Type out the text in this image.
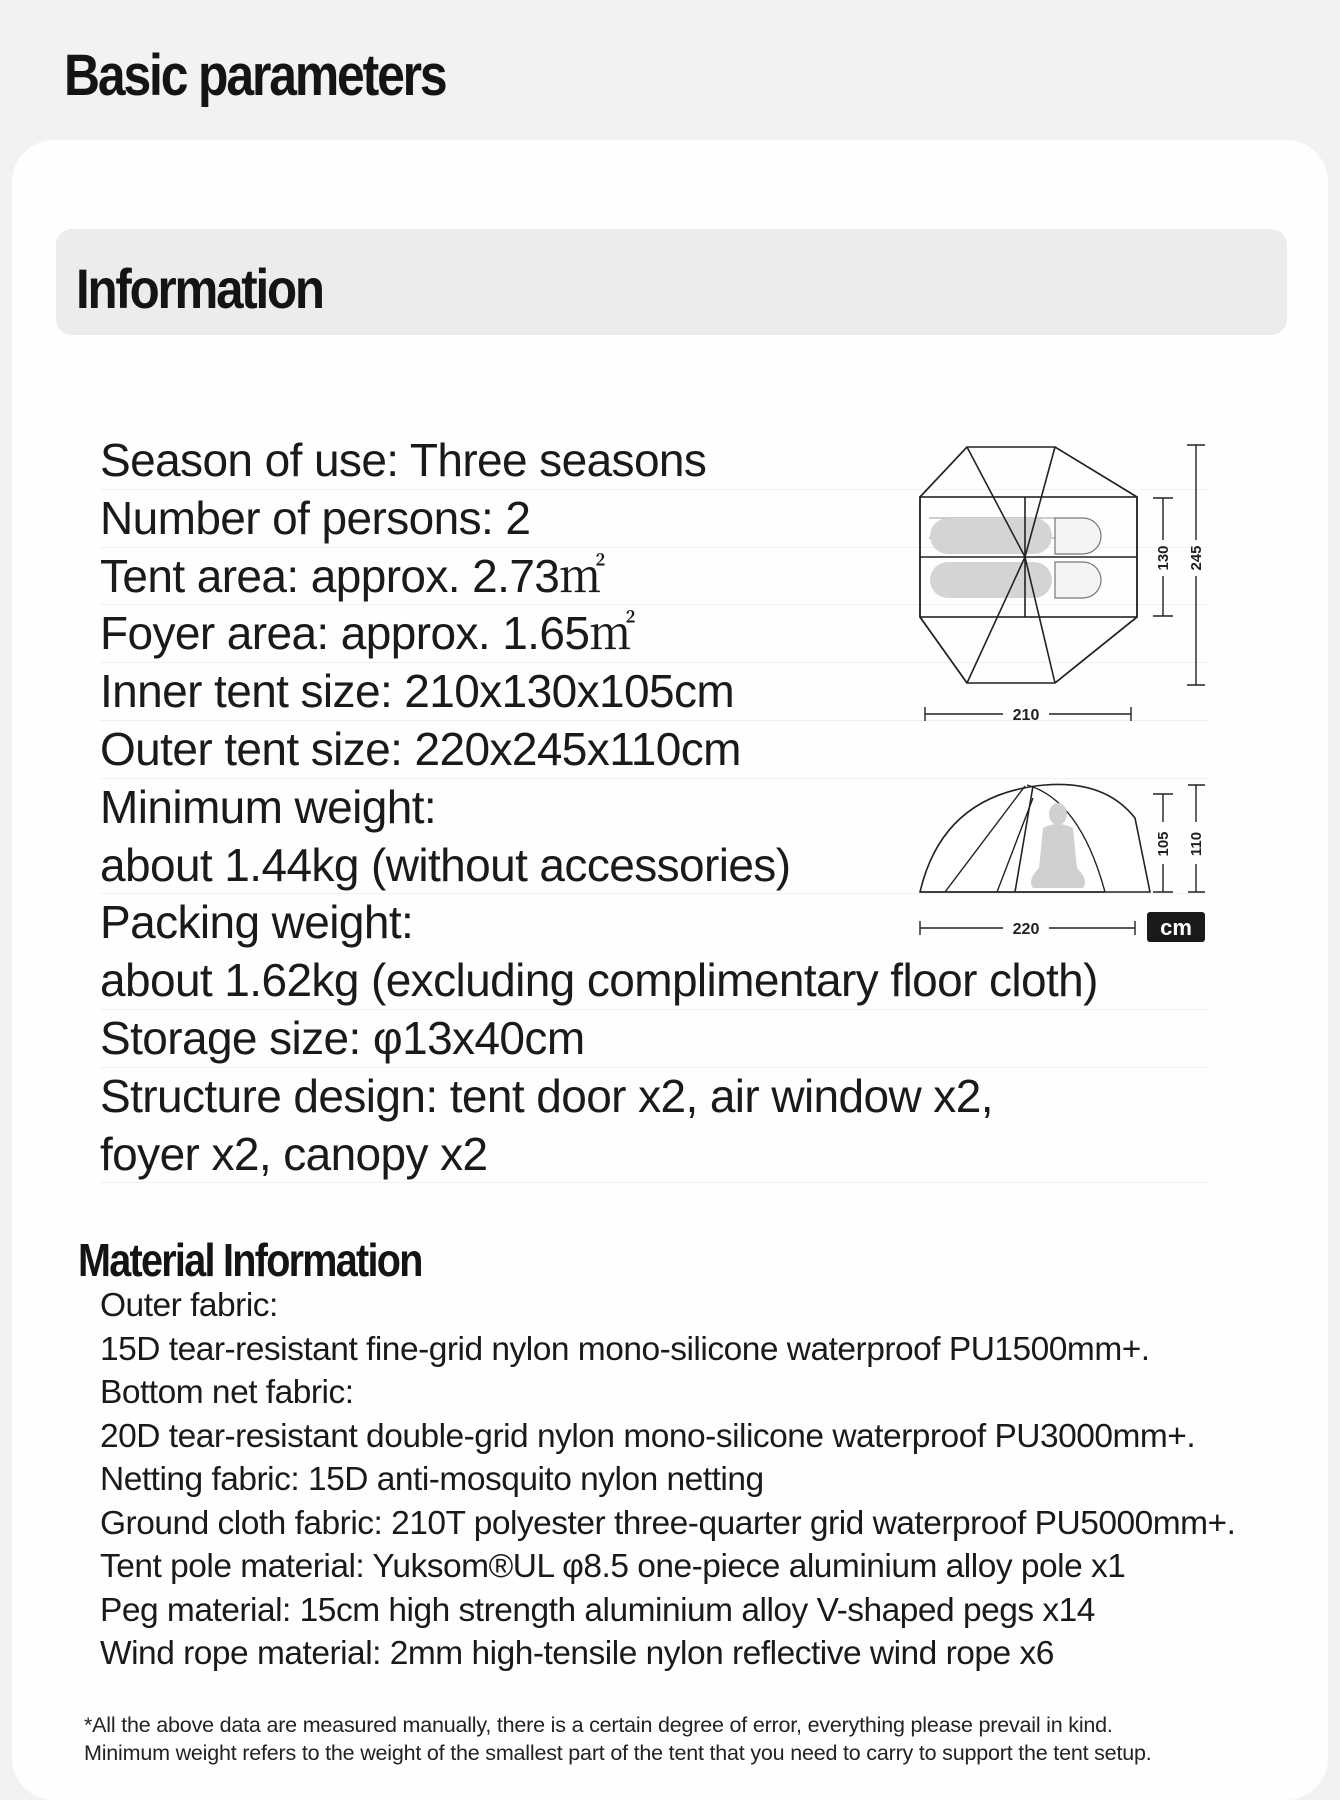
Basic parameters
Information
Season of use: Three seasons
Number of persons: 2
Tent area: approx. 2.73㎡
Foyer area: approx. 1.65㎡
Inner tent size: 210x130x105cm
Outer tent size: 220x245x110cm
Minimum weight:
about 1.44kg (without accessories)
Packing weight:
about 1.62kg (excluding complimentary floor cloth)
Storage size: φ13x40cm
Structure design: tent door x2, air window x2,
foyer x2, canopy x2
130 245
210
105 110
220	cm
Material Information
Outer fabric:
15D tear-resistant fine-grid nylon mono-silicone waterproof PU1500mm+.
Bottom net fabric:
20D tear-resistant double-grid nylon mono-silicone waterproof PU3000mm+.
Netting fabric: 15D anti-mosquito nylon netting
Ground cloth fabric: 210T polyester three-quarter grid waterproof PU5000mm+.
Tent pole material: Yuksom®UL φ8.5 one-piece aluminium alloy pole x1
Peg material: 15cm high strength aluminium alloy V-shaped pegs x14
Wind rope material: 2mm high-tensile nylon reflective wind rope x6
*All the above data are measured manually, there is a certain degree of error, everything please prevail in kind.
Minimum weight refers to the weight of the smallest part of the tent that you need to carry to support the tent setup.
